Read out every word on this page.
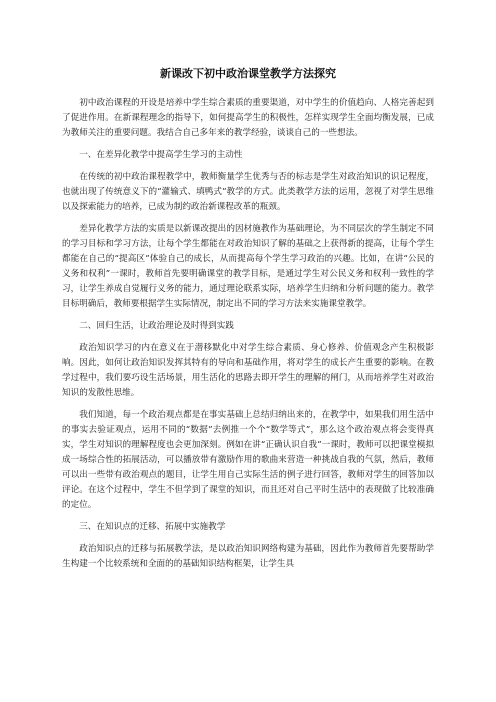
新课改下初中政治课堂教学方法探究

初中政治课程的开设是培养中学生综合素质的重要渠道，对中学生的价值趋向、人格完善起到了促进作用。在新课程理念的指导下，如何提高学生的积极性，怎样实现学生全面均衡发展，已成为教师关注的重要问题。我结合自己多年来的教学经验，谈谈自己的一些想法。

一、在差异化教学中提高学生学习的主动性

在传统的初中政治课程教学中，教师衡量学生优秀与否的标志是学生对政治知识的识记程度，也就出现了传统意义下的“灌输式、填鸭式”教学的方式。此类教学方法的运用，忽视了对学生思维以及探索能力的培养，已成为制约政治新课程改革的瓶颈。

差异化教学方法的实质是以新课改提出的因材施教作为基础理论，为不同层次的学生制定不同的学习目标和学习方法，让每个学生都能在对政治知识了解的基础之上获得新的提高，让每个学生都能在自己的“提高区”体验自己的成长，从而提高每个学生学习政治的兴趣。比如，在讲“公民的义务和权利”一课时，教师首先要明确课堂的教学目标，是通过学生对公民义务和权利一致性的学习，让学生养成自觉履行义务的能力，通过理论联系实际，培养学生归纳和分析问题的能力。教学目标明确后，教师要根据学生实际情况，制定出不同的学习方法来实施课堂教学。

二、回归生活，让政治理论及时得到实践

政治知识学习的内在意义在于潜移默化中对学生综合素质、身心修养、价值观念产生积极影响。因此，如何让政治知识发挥其特有的导向和基础作用，将对学生的成长产生重要的影响。在教学过程中，我们要巧设生活场景，用生活化的思路去即开学生的理解的闸门，从而培养学生对政治知识的发散性思维。

我们知道，每一个政治观点都是在事实基础上总结归纳出来的，在教学中，如果我们用生活中的事实去验证观点，运用不同的“数据”去例推一个个“数学等式”，那么这个政治观点将会变得真实，学生对知识的理解程度也会更加深刻。例如在讲“正确认识自我”一课时，教师可以把课堂模拟成一场综合性的拓展活动，可以播放带有激励作用的歌曲来营造一种挑战自我的气氛，然后，教师可以出一些带有政治观点的题目，让学生用自己实际生活的例子进行回答，教师对学生的回答加以评论。在这个过程中，学生不但学到了课堂的知识，而且还对自己平时生活中的表现做了比较准确的定位。

三、在知识点的迁移、拓展中实施教学

政治知识点的迁移与拓展教学法，是以政治知识网络构建为基础，因此作为教师首先要帮助学生构建一个比较系统和全面的的基础知识结构框架，让学生具
